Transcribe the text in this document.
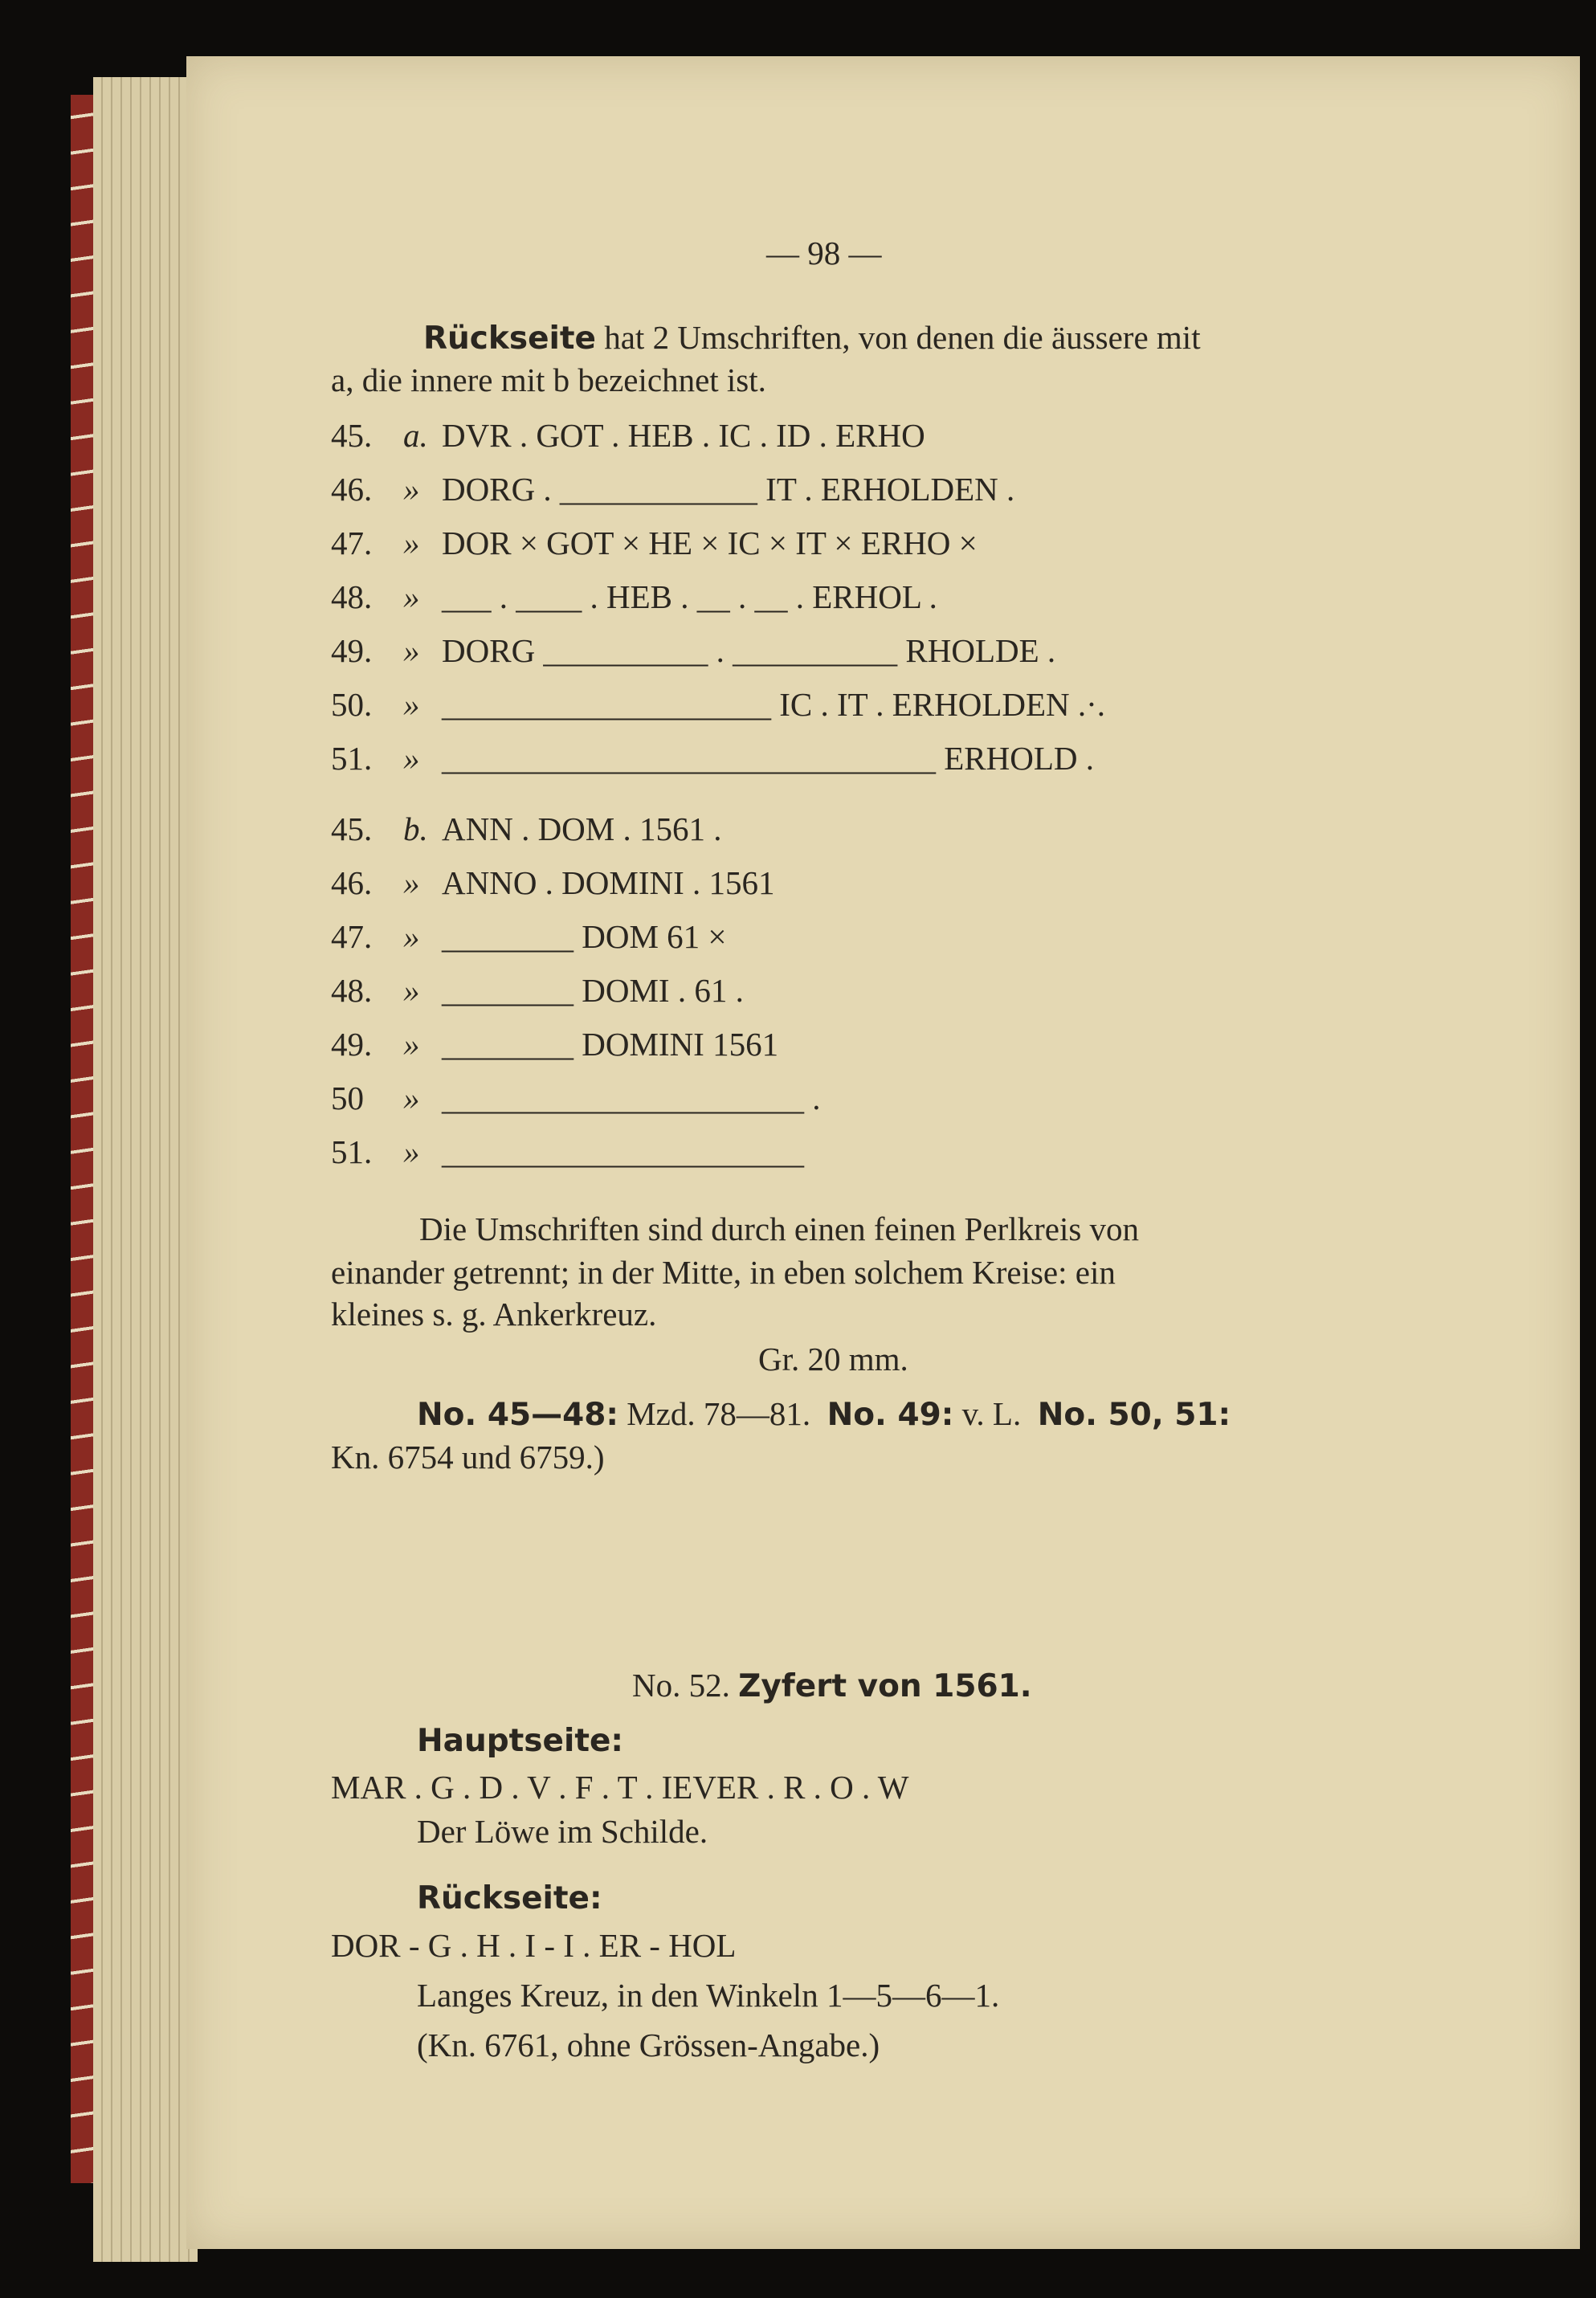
— 98 —
Rückseite hat 2 Umschriften, von denen die äussere mit
a, die innere mit b bezeichnet ist.
45. a. DVR . GOT . HEB . IC . ID . ERHO
46. » DORG . ____________ IT . ERHOLDEN .
47. » DOR × GOT × HE × IC × IT × ERHO ×
48. » ___ . ____ . HEB . __ . __ . ERHOL .
49. » DORG __________ . __________ RHOLDE .
50. » ____________________ IC . IT . ERHOLDEN .·.
51. » ______________________________ ERHOLD .
45. b. ANN . DOM . 1561 .
46. » ANNO . DOMINI . 1561
47. » ________ DOM 61 ×
48. » ________ DOMI . 61 .
49. » ________ DOMINI 1561
50 » ______________________ .
51. » ______________________
Die Umschriften sind durch einen feinen Perlkreis von
einander getrennt; in der Mitte, in eben solchem Kreise: ein
kleines s. g. Ankerkreuz.
Gr. 20 mm.
No. 45—48: Mzd. 78—81. No. 49: v. L. No. 50, 51:
Kn. 6754 und 6759.)
No. 52. Zyfert von 1561.
Hauptseite:
MAR . G . D . V . F . T . IEVER . R . O . W
Der Löwe im Schilde.
Rückseite:
DOR - G . H . I - I . ER - HOL
Langes Kreuz, in den Winkeln 1—5—6—1.
(Kn. 6761, ohne Grössen-Angabe.)
